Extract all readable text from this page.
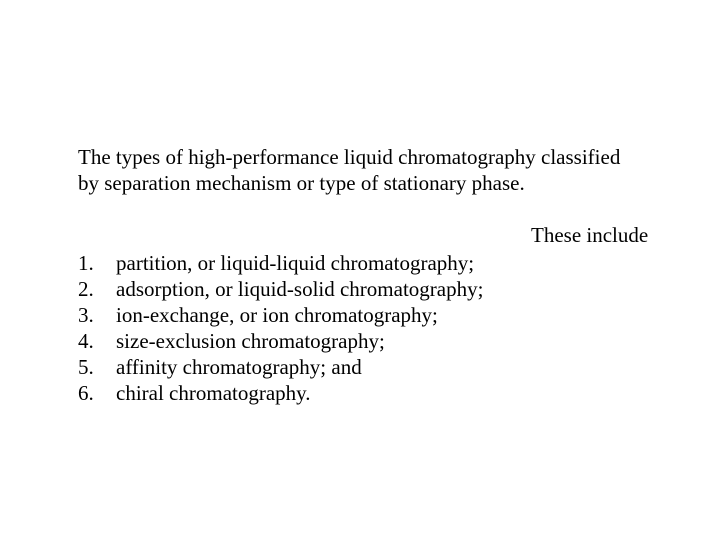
The types of high-performance liquid chromatography classified
by separation mechanism or type of stationary phase.
These include
1. partition, or liquid-liquid chromatography;
2. adsorption, or liquid-solid chromatography;
3. ion-exchange, or ion chromatography;
4. size-exclusion chromatography;
5. affinity chromatography; and
6. chiral chromatography.
